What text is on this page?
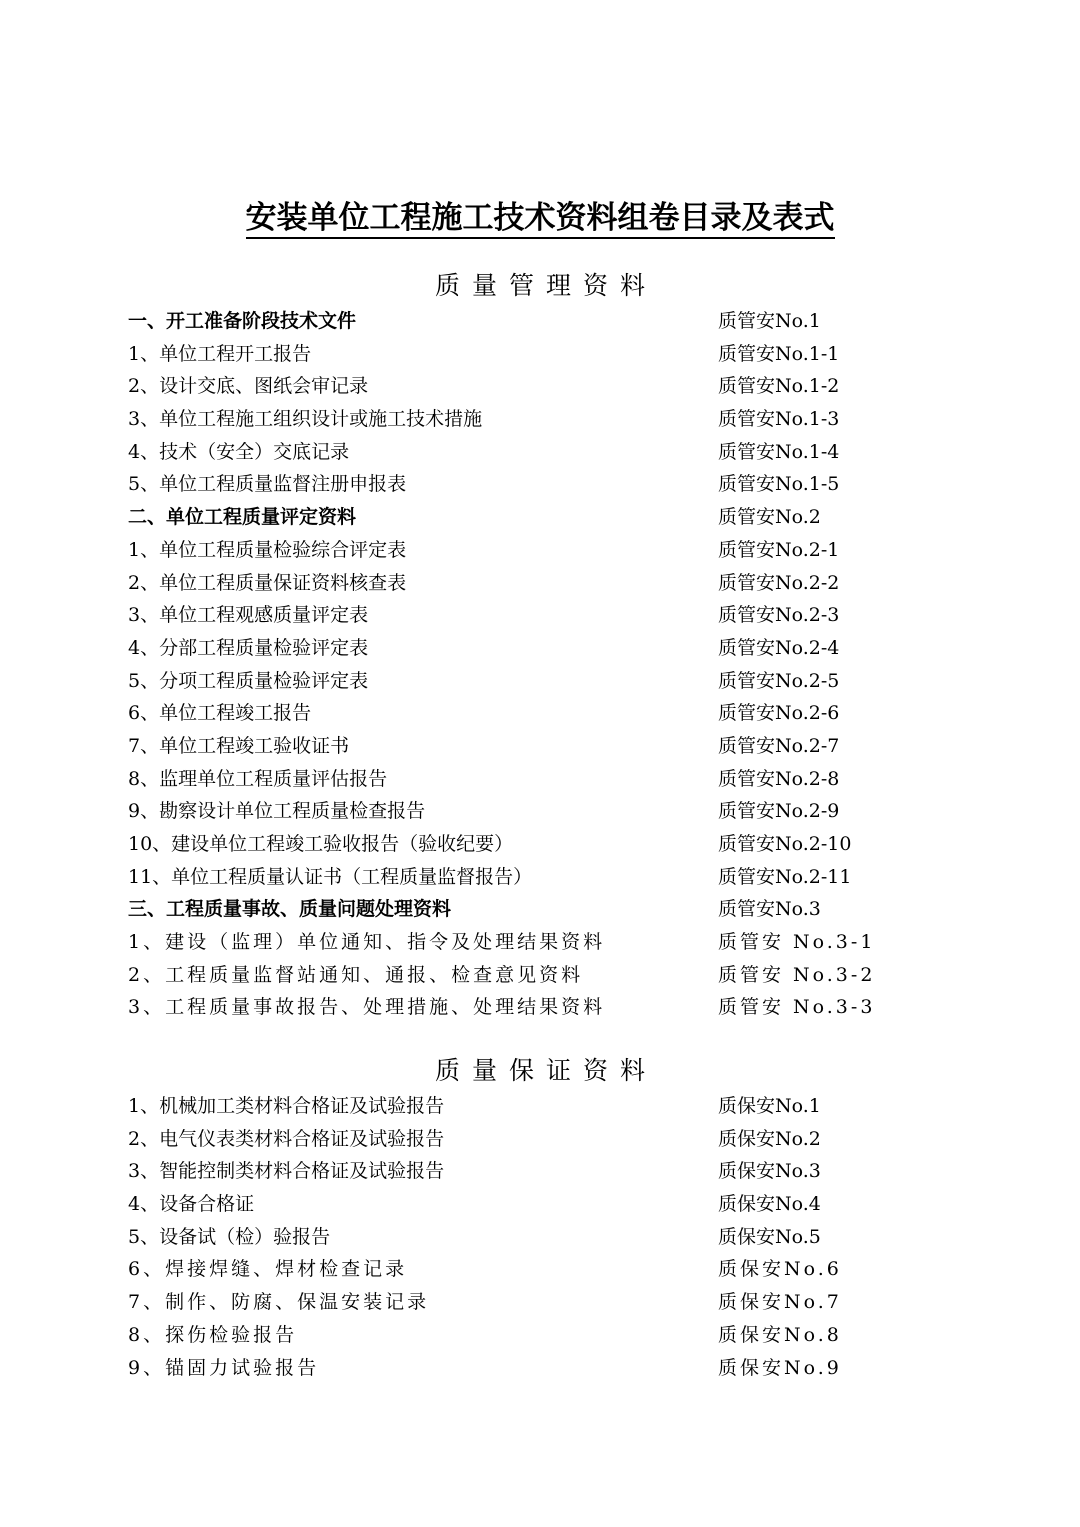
安装单位工程施工技术资料组卷目录及表式
质量管理资料
一、开工准备阶段技术文件	质管安No.1
1、单位工程开工报告	质管安No.1-1
2、设计交底、图纸会审记录	质管安No.1-2
3、单位工程施工组织设计或施工技术措施	质管安No.1-3
4、技术（安全）交底记录	质管安No.1-4
5、单位工程质量监督注册申报表	质管安No.1-5
二、单位工程质量评定资料	质管安No.2
1、单位工程质量检验综合评定表	质管安No.2-1
2、单位工程质量保证资料核查表	质管安No.2-2
3、单位工程观感质量评定表	质管安No.2-3
4、分部工程质量检验评定表	质管安No.2-4
5、分项工程质量检验评定表	质管安No.2-5
6、单位工程竣工报告	质管安No.2-6
7、单位工程竣工验收证书	质管安No.2-7
8、监理单位工程质量评估报告	质管安No.2-8
9、勘察设计单位工程质量检查报告	质管安No.2-9
10、建设单位工程竣工验收报告（验收纪要）	质管安No.2-10
11、单位工程质量认证书（工程质量监督报告）	质管安No.2-11
三、工程质量事故、质量问题处理资料	质管安No.3
1、建设（监理）单位通知、指令及处理结果资料	质管安 No.3-1
2、工程质量监督站通知、通报、检查意见资料	质管安 No.3-2
3、工程质量事故报告、处理措施、处理结果资料	质管安 No.3-3
质量保证资料
1、机械加工类材料合格证及试验报告	质保安No.1
2、电气仪表类材料合格证及试验报告	质保安No.2
3、智能控制类材料合格证及试验报告	质保安No.3
4、设备合格证	质保安No.4
5、设备试（检）验报告	质保安No.5
6、焊接焊缝、焊材检查记录	质保安No.6
7、制作、防腐、保温安装记录	质保安No.7
8、探伤检验报告	质保安No.8
9、锚固力试验报告	质保安No.9
